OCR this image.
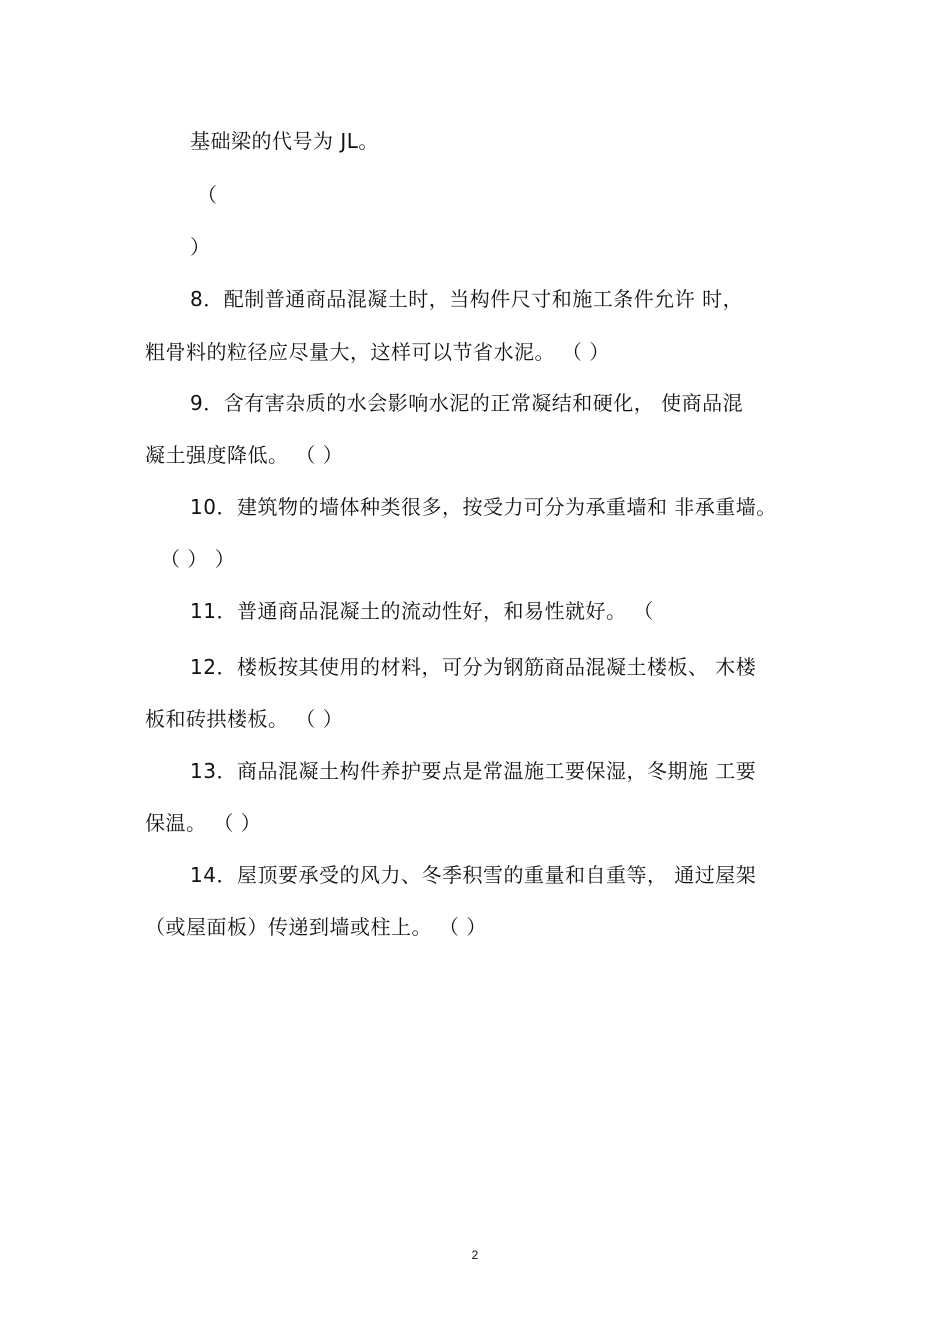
基础梁的代号为 JL。
（
）
8．配制普通商品混凝土时，当构件尺寸和施工条件允许 时，
粗骨料的粒径应尽量大，这样可以节省水泥。 （ ）
9．含有害杂质的水会影响水泥的正常凝结和硬化， 使商品混
凝土强度降低。 （ ）
10．建筑物的墙体种类很多，按受力可分为承重墙和 非承重墙。
（ ） ）
11．普通商品混凝土的流动性好，和易性就好。 （
12．楼板按其使用的材料，可分为钢筋商品混凝土楼板、 木楼
板和砖拱楼板。 （ ）
13．商品混凝土构件养护要点是常温施工要保湿，冬期施 工要
保温。 （ ）
14．屋顶要承受的风力、冬季积雪的重量和自重等， 通过屋架
（或屋面板）传递到墙或柱上。 （ ）
2
